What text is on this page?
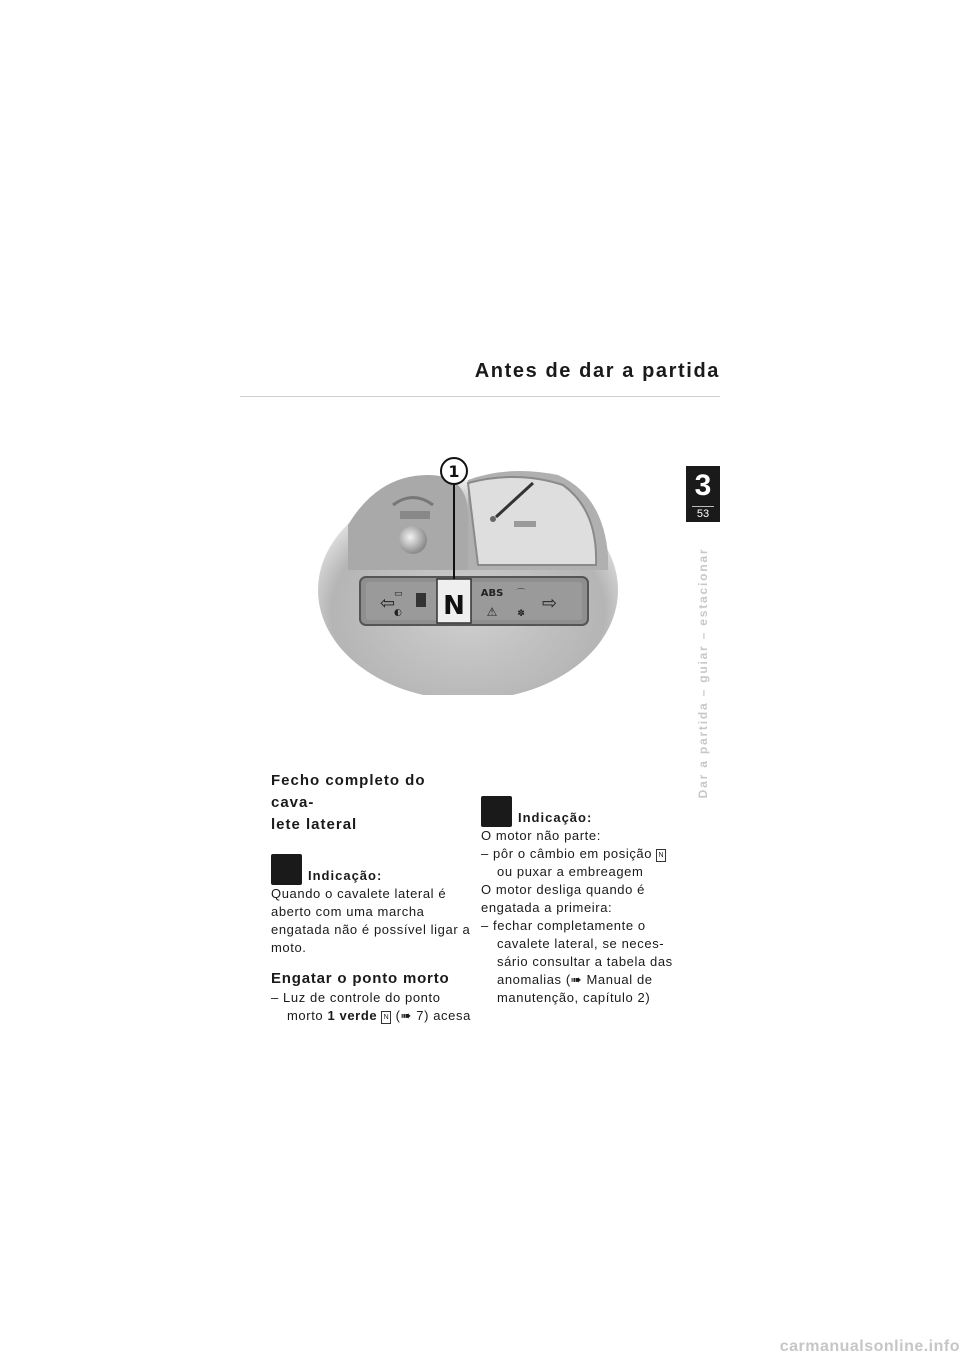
Antes de dar a partida
3
53
Dar a partida – guiar – estacionar
⇦
▭
◐ N ABS
⚠
⌒
✽ ⇨
1
Fecho completo do cava-
lete lateral
Indicação:
Quando o cavalete lateral é
aberto com uma marcha
engatada não é possível ligar a
moto.
Engatar o ponto morto
– Luz de controle do ponto
morto 1 verde N (➠ 7) acesa
Indicação:
O motor não parte:
– pôr o câmbio em posição N
ou puxar a embreagem
O motor desliga quando é
engatada a primeira:
– fechar completamente o
cavalete lateral, se neces-
sário consultar a tabela das
anomalias (➠ Manual de
manutenção, capítulo 2)
carmanualsonline.info
